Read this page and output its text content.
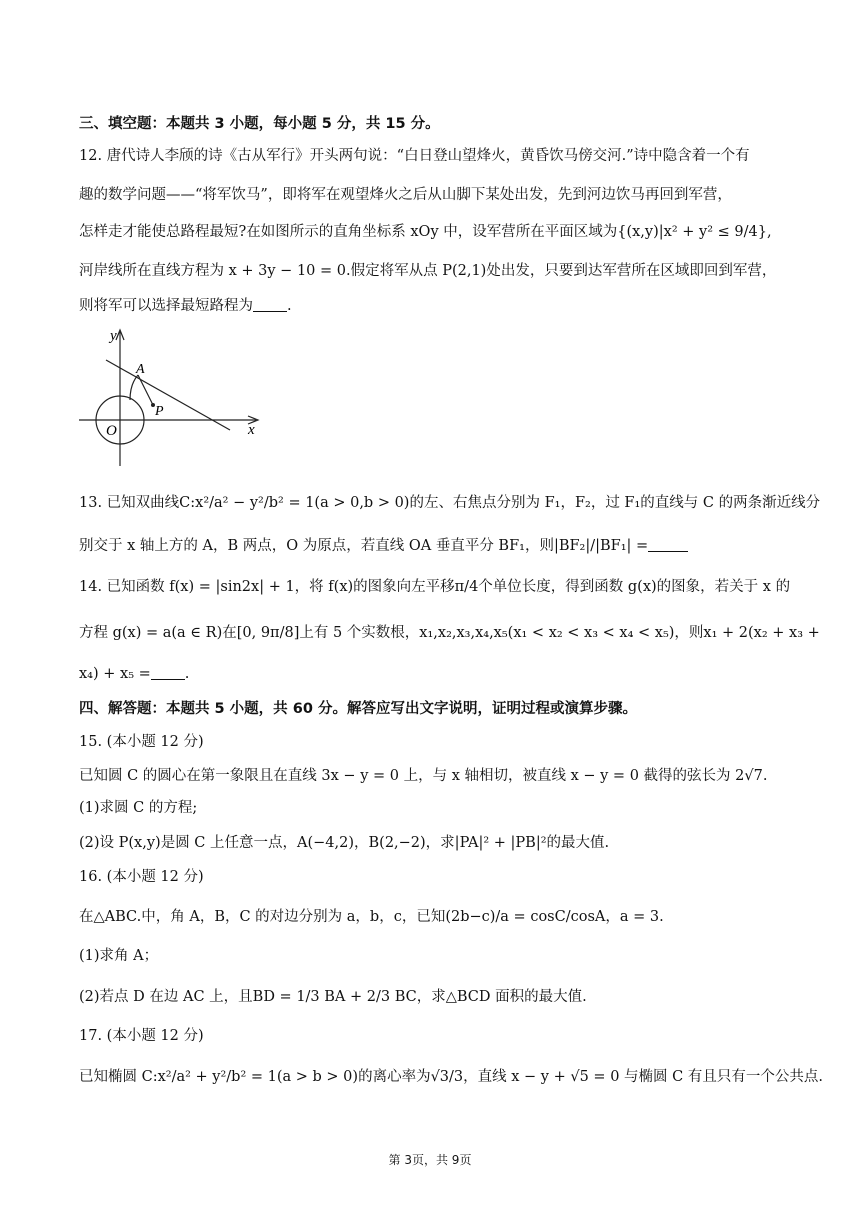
三、填空题：本题共 3 小题，每小题 5 分，共 15 分。
12. 唐代诗人李颀的诗《古从军行》开头两句说：“白日登山望烽火，黄昏饮马傍交河.”诗中隐含着一个有
趣的数学问题——“将军饮马”，即将军在观望烽火之后从山脚下某处出发，先到河边饮马再回到军营，
怎样走才能使总路程最短?在如图所示的直角坐标系 xOy 中，设军营所在平面区域为{(x,y)|x² + y² ≤ 9/4},
河岸线所在直线方程为 x + 3y − 10 = 0.假定将军从点 P(2,1)处出发，只要到达军营所在区域即回到军营，
则将军可以选择最短路程为 .
y
x
A
P
O
13. 已知双曲线C:x²/a² − y²/b² = 1(a > 0,b > 0)的左、右焦点分别为 F₁，F₂，过 F₁的直线与 C 的两条渐近线分
别交于 x 轴上方的 A，B 两点，O 为原点，若直线 OA 垂直平分 BF₁，则|BF₂|/|BF₁| =
14. 已知函数 f(x) = |sin2x| + 1，将 f(x)的图象向左平移π/4个单位长度，得到函数 g(x)的图象，若关于 x 的
方程 g(x) = a(a ∈ R)在[0, 9π/8]上有 5 个实数根，x₁,x₂,x₃,x₄,x₅(x₁ < x₂ < x₃ < x₄ < x₅)，则x₁ + 2(x₂ + x₃ +
x₄) + x₅ = .
四、解答题：本题共 5 小题，共 60 分。解答应写出文字说明，证明过程或演算步骤。
15. (本小题 12 分)
已知圆 C 的圆心在第一象限且在直线 3x − y = 0 上，与 x 轴相切，被直线 x − y = 0 截得的弦长为 2√7.
(1)求圆 C 的方程;
(2)设 P(x,y)是圆 C 上任意一点，A(−4,2)，B(2,−2)，求|PA|² + |PB|²的最大值.
16. (本小题 12 分)
在△ABC.中，角 A，B，C 的对边分别为 a，b，c，已知(2b−c)/a = cosC/cosA，a = 3.
(1)求角 A；
(2)若点 D 在边 AC 上，且BD = 1/3 BA + 2/3 BC，求△BCD 面积的最大值.
17. (本小题 12 分)
已知椭圆 C:x²/a² + y²/b² = 1(a > b > 0)的离心率为√3/3，直线 x − y + √5 = 0 与椭圆 C 有且只有一个公共点.
第 3页，共 9页
